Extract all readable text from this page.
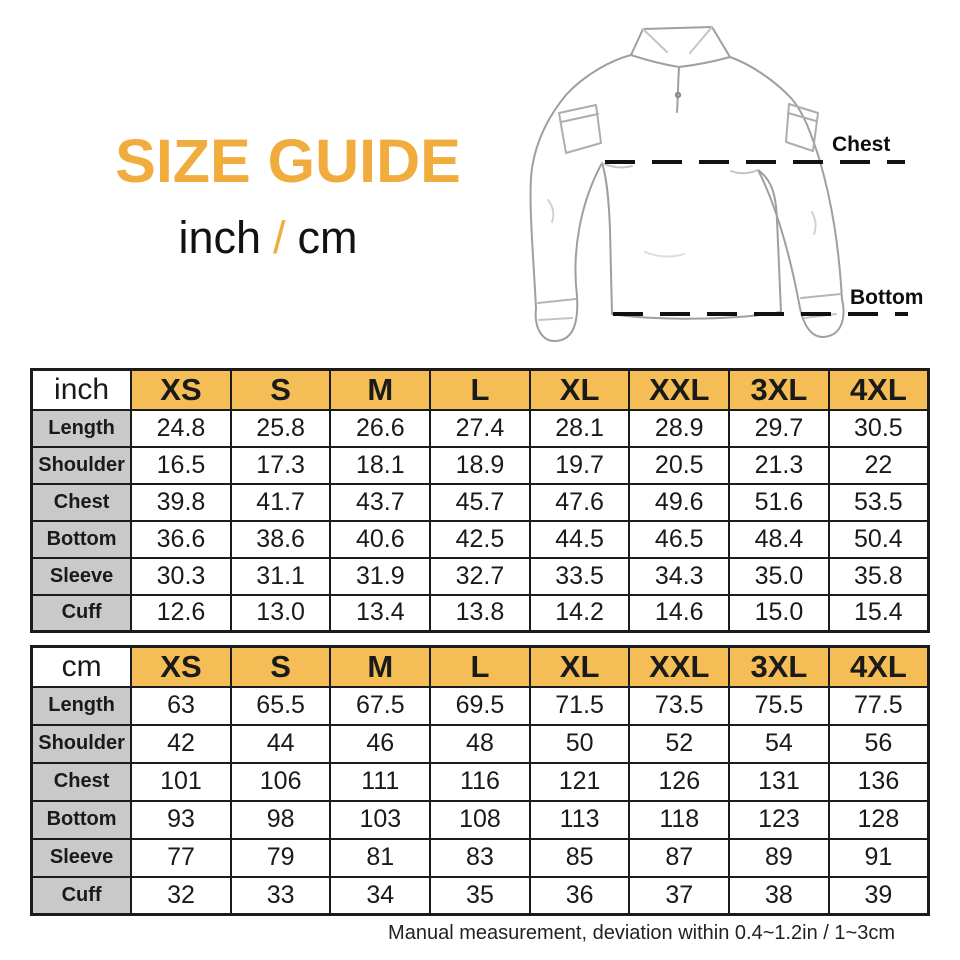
SIZE GUIDE
inch / cm
Chest
Bottom
inch	XS	S	M	L	XL	XXL	3XL	4XL
Length	24.8	25.8	26.6	27.4	28.1	28.9	29.7	30.5
Shoulder	16.5	17.3	18.1	18.9	19.7	20.5	21.3	22
Chest	39.8	41.7	43.7	45.7	47.6	49.6	51.6	53.5
Bottom	36.6	38.6	40.6	42.5	44.5	46.5	48.4	50.4
Sleeve	30.3	31.1	31.9	32.7	33.5	34.3	35.0	35.8
Cuff	12.6	13.0	13.4	13.8	14.2	14.6	15.0	15.4
cm	XS	S	M	L	XL	XXL	3XL	4XL
Length	63	65.5	67.5	69.5	71.5	73.5	75.5	77.5
Shoulder	42	44	46	48	50	52	54	56
Chest	101	106	111	116	121	126	131	136
Bottom	93	98	103	108	113	118	123	128
Sleeve	77	79	81	83	85	87	89	91
Cuff	32	33	34	35	36	37	38	39
Manual measurement, deviation within 0.4~1.2in / 1~3cm
